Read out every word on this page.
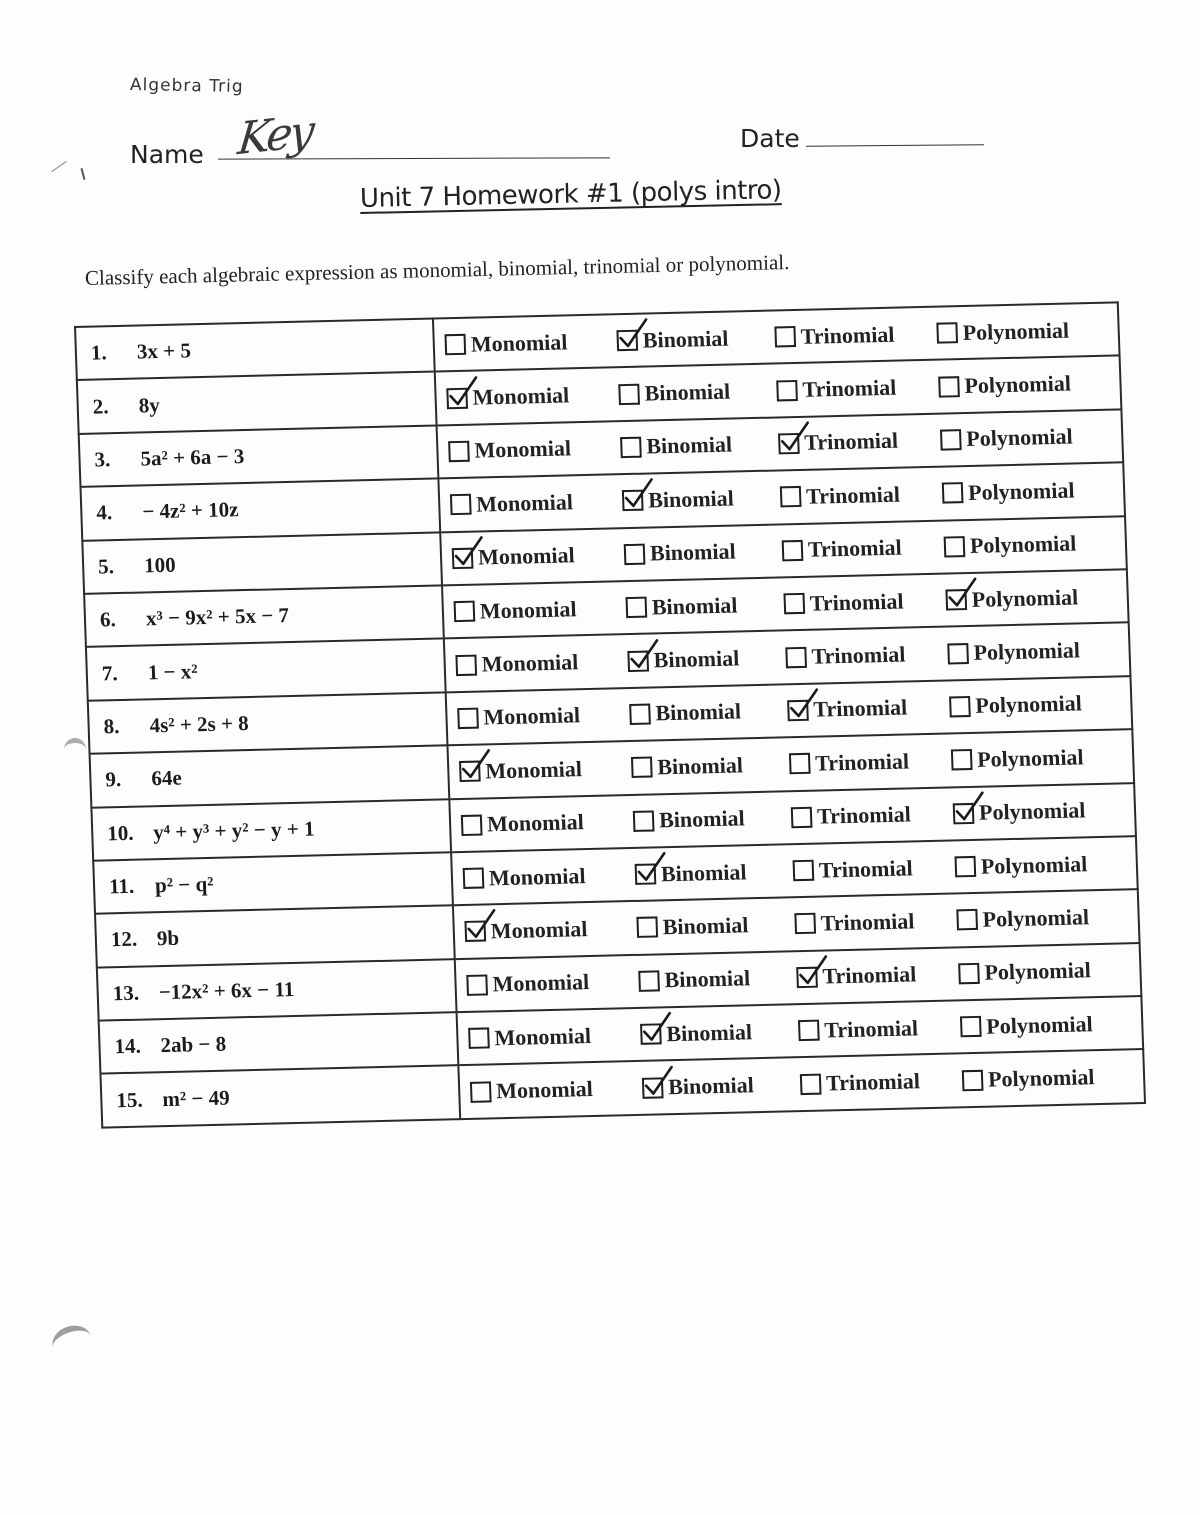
Algebra Trig
Name Key	Date
Unit 7 Homework #1 (polys intro)
Classify each algebraic expression as monomial, binomial, trinomial or polynomial.
1. 3x + 5	Monomial Binomial Trinomial Polynomial

2. 8y	Monomial Binomial Trinomial Polynomial

3. 5a² + 6a − 3	Monomial Binomial Trinomial Polynomial

4. − 4z² + 10z	Monomial Binomial Trinomial Polynomial

5. 100	Monomial Binomial Trinomial Polynomial

6. x³ − 9x² + 5x − 7	Monomial Binomial Trinomial Polynomial

7. 1 − x²	Monomial Binomial Trinomial Polynomial

8. 4s² + 2s + 8	Monomial Binomial Trinomial Polynomial

9. 64e	Monomial Binomial Trinomial Polynomial

10. y⁴ + y³ + y² − y + 1	Monomial Binomial Trinomial Polynomial

11. p² − q²	Monomial Binomial Trinomial Polynomial

12. 9b	Monomial Binomial Trinomial Polynomial

13. −12x² + 6x − 11	Monomial Binomial Trinomial Polynomial

14. 2ab − 8	Monomial Binomial Trinomial Polynomial

15. m² − 49	Monomial Binomial Trinomial Polynomial
